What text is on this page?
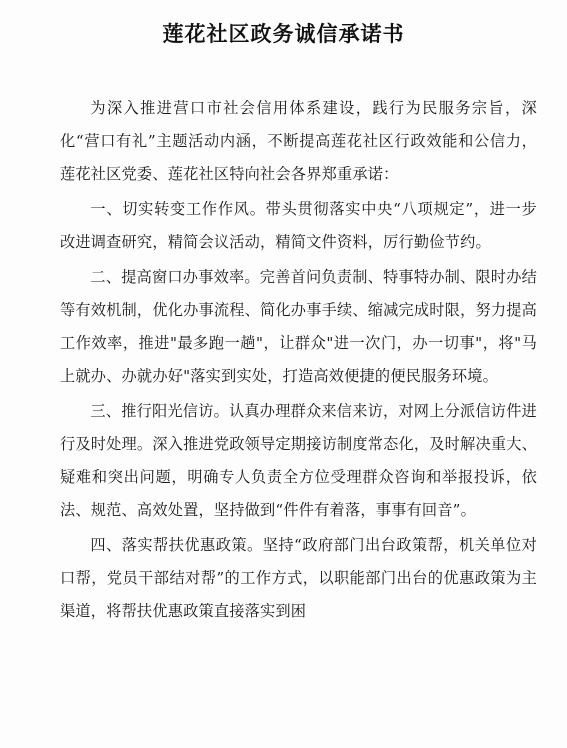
莲花社区政务诚信承诺书

为深入推进营口市社会信用体系建设，践行为民服务宗旨，深化“营口有礼”主题活动内涵，不断提高莲花社区行政效能和公信力，莲花社区党委、莲花社区特向社会各界郑重承诺：

一、切实转变工作作风。带头贯彻落实中央“八项规定”，进一步改进调查研究，精简会议活动，精简文件资料，厉行勤俭节约。

二、提高窗口办事效率。完善首问负责制、特事特办制、限时办结等有效机制，优化办事流程、简化办事手续、缩减完成时限，努力提高工作效率，推进"最多跑一趟"，让群众"进一次门，办一切事"，将"马上就办、办就办好"落实到实处，打造高效便捷的便民服务环境。

三、推行阳光信访。认真办理群众来信来访，对网上分派信访件进行及时处理。深入推进党政领导定期接访制度常态化，及时解决重大、疑难和突出问题，明确专人负责全方位受理群众咨询和举报投诉，依法、规范、高效处置，坚持做到“件件有着落，事事有回音”。

四、落实帮扶优惠政策。坚持“政府部门出台政策帮，机关单位对口帮，党员干部结对帮”的工作方式，以职能部门出台的优惠政策为主渠道，将帮扶优惠政策直接落实到困
